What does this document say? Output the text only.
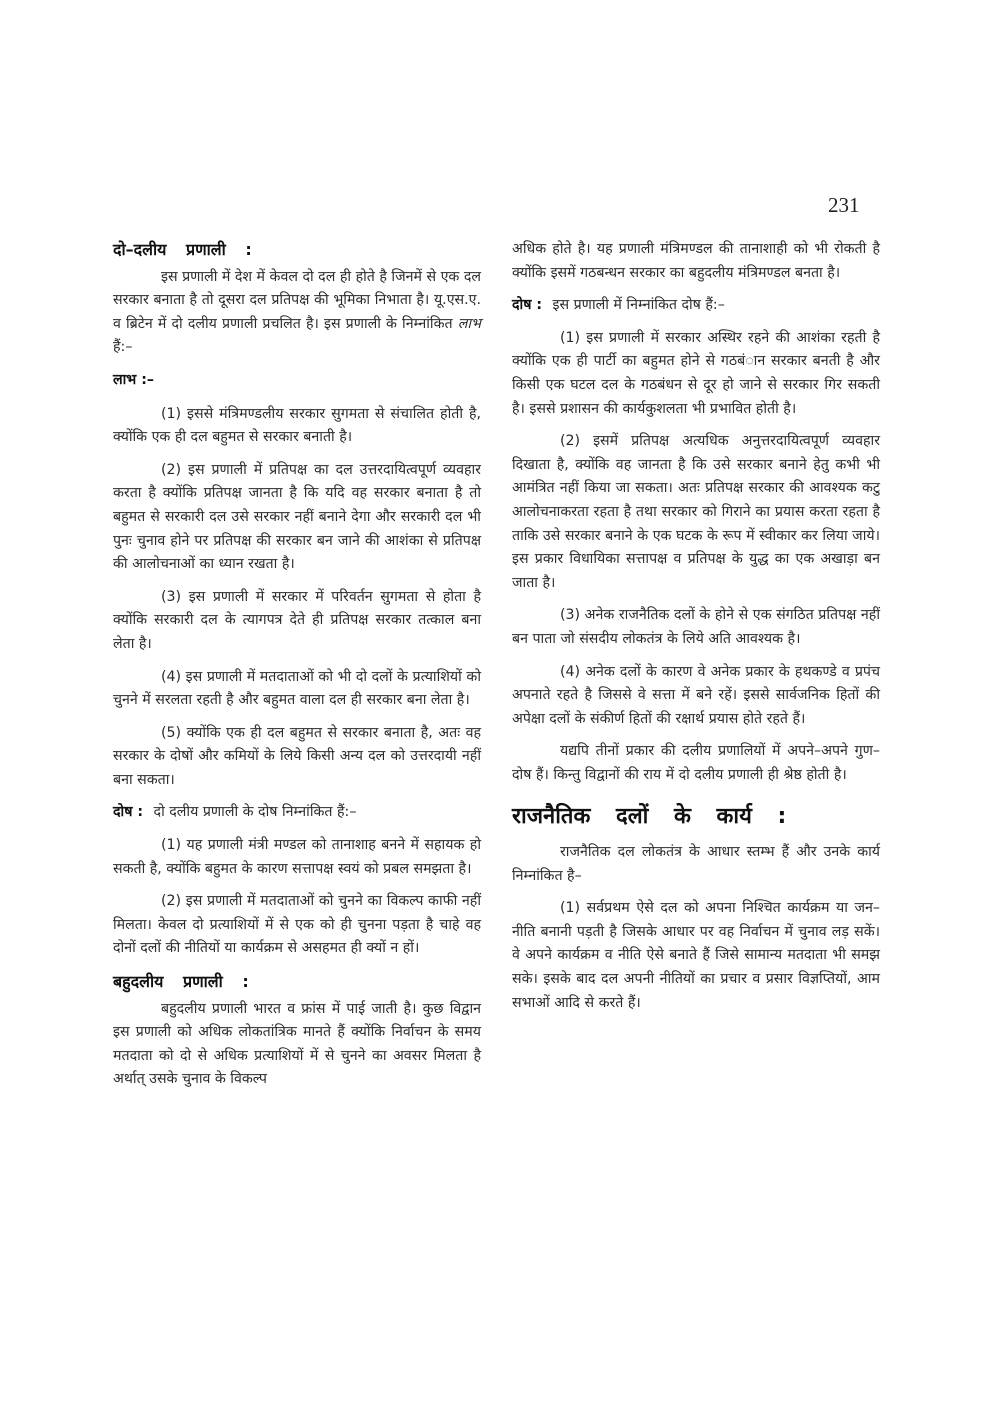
231
दो–दलीय प्रणाली :

इस प्रणाली में देश में केवल दो दल ही होते है जिनमें से एक दल सरकार बनाता है तो दूसरा दल प्रतिपक्ष की भूमिका निभाता है। यू.एस.ए. व ब्रिटेन में दो दलीय प्रणाली प्रचलित है। इस प्रणाली के निम्नांकित लाभ हैं:–

लाभ :–

(1) इससे मंत्रिमण्डलीय सरकार सुगमता से संचालित होती है, क्योंकि एक ही दल बहुमत से सरकार बनाती है।

(2) इस प्रणाली में प्रतिपक्ष का दल उत्तरदायित्वपूर्ण व्यवहार करता है क्योंकि प्रतिपक्ष जानता है कि यदि वह सरकार बनाता है तो बहुमत से सरकारी दल उसे सरकार नहीं बनाने देगा और सरकारी दल भी पुनः चुनाव होने पर प्रतिपक्ष की सरकार बन जाने की आशंका से प्रतिपक्ष की आलोचनाओं का ध्यान रखता है।

(3) इस प्रणाली में सरकार में परिवर्तन सुगमता से होता है क्योंकि सरकारी दल के त्यागपत्र देते ही प्रतिपक्ष सरकार तत्काल बना लेता है।

(4) इस प्रणाली में मतदाताओं को भी दो दलों के प्रत्याशियों को चुनने में सरलता रहती है और बहुमत वाला दल ही सरकार बना लेता है।

(5) क्योंकि एक ही दल बहुमत से सरकार बनाता है, अतः वह सरकार के दोषों और कमियों के लिये किसी अन्य दल को उत्तरदायी नहीं बना सकता।

दोष : दो दलीय प्रणाली के दोष निम्नांकित हैं:–

(1) यह प्रणाली मंत्री मण्डल को तानाशाह बनने में सहायक हो सकती है, क्योंकि बहुमत के कारण सत्तापक्ष स्वयं को प्रबल समझता है।

(2) इस प्रणाली में मतदाताओं को चुनने का विकल्प काफी नहीं मिलता। केवल दो प्रत्याशियों में से एक को ही चुनना पड़ता है चाहे वह दोनों दलों की नीतियों या कार्यक्रम से असहमत ही क्यों न हों।

बहुदलीय प्रणाली :

बहुदलीय प्रणाली भारत व फ्रांस में पाई जाती है। कुछ विद्वान इस प्रणाली को अधिक लोकतांत्रिक मानते हैं क्योंकि निर्वाचन के समय मतदाता को दो से अधिक प्रत्याशियों में से चुनने का अवसर मिलता है अर्थात् उसके चुनाव के विकल्प

अधिक होते है। यह प्रणाली मंत्रिमण्डल की तानाशाही को भी रोकती है क्योंकि इसमें गठबन्धन सरकार का बहुदलीय मंत्रिमण्डल बनता है।

दोष : इस प्रणाली में निम्नांकित दोष हैं:–

(1) इस प्रणाली में सरकार अस्थिर रहने की आशंका रहती है क्योंकि एक ही पार्टी का बहुमत होने से गठबंान सरकार बनती है और किसी एक घटल दल के गठबंधन से दूर हो जाने से सरकार गिर सकती है। इससे प्रशासन की कार्यकुशलता भी प्रभावित होती है।

(2) इसमें प्रतिपक्ष अत्यधिक अनुत्तरदायित्वपूर्ण व्यवहार दिखाता है, क्योंकि वह जानता है कि उसे सरकार बनाने हेतु कभी भी आमंत्रित नहीं किया जा सकता। अतः प्रतिपक्ष सरकार की आवश्यक कटु आलोचनाकरता रहता है तथा सरकार को गिराने का प्रयास करता रहता है ताकि उसे सरकार बनाने के एक घटक के रूप में स्वीकार कर लिया जाये। इस प्रकार विधायिका सत्तापक्ष व प्रतिपक्ष के युद्ध का एक अखाड़ा बन जाता है।

(3) अनेक राजनैतिक दलों के होने से एक संगठित प्रतिपक्ष नहीं बन पाता जो संसदीय लोकतंत्र के लिये अति आवश्यक है।

(4) अनेक दलों के कारण वे अनेक प्रकार के हथकण्डे व प्रपंच अपनाते रहते है जिससे वे सत्ता में बने रहें। इससे सार्वजनिक हितों की अपेक्षा दलों के संकीर्ण हितों की रक्षार्थ प्रयास होते रहते हैं।

यद्यपि तीनों प्रकार की दलीय प्रणालियों में अपने–अपने गुण–दोष हैं। किन्तु विद्वानों की राय में दो दलीय प्रणाली ही श्रेष्ठ होती है।

राजनैतिक दलों के कार्य :

राजनैतिक दल लोकतंत्र के आधार स्तम्भ हैं और उनके कार्य निम्नांकित है–

(1) सर्वप्रथम ऐसे दल को अपना निश्चित कार्यक्रम या जन–नीति बनानी पड़ती है जिसके आधार पर वह निर्वाचन में चुनाव लड़ सकें। वे अपने कार्यक्रम व नीति ऐसे बनाते हैं जिसे सामान्य मतदाता भी समझ सके। इसके बाद दल अपनी नीतियों का प्रचार व प्रसार विज्ञप्तियों, आम सभाओं आदि से करते हैं।
